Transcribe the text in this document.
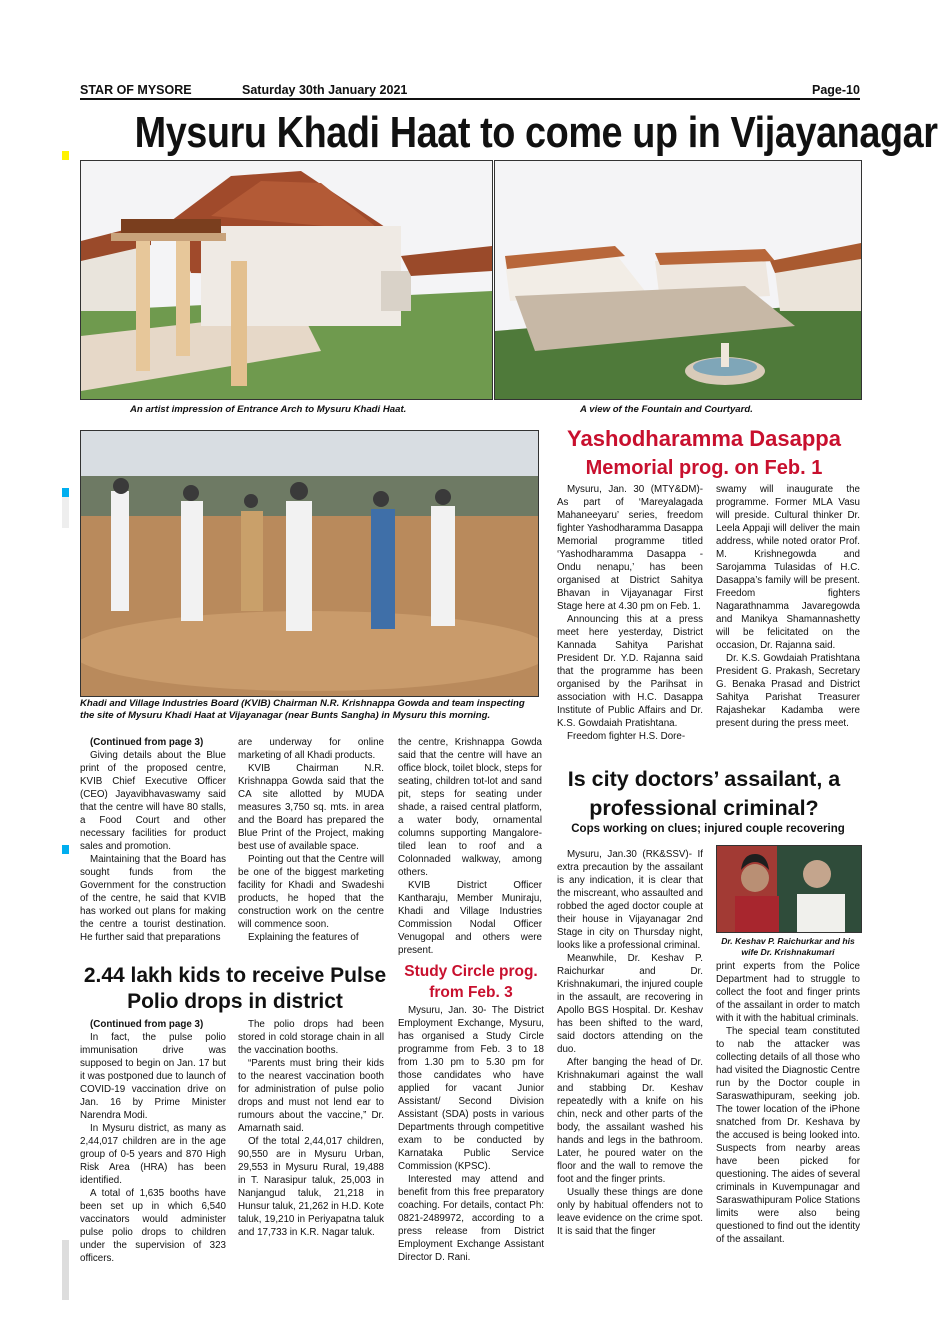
STAR OF MYSORE	Saturday 30th January 2021	Page-10
Mysuru Khadi Haat to come up in Vijayanagar
An artist impression of Entrance Arch to Mysuru Khadi Haat.	A view of the Fountain and Courtyard.
Khadi and Village Industries Board (KVIB) Chairman N.R. Krishnappa Gowda and team inspecting the site of Mysuru Khadi Haat at Vijayanagar (near Bunts Sangha) in Mysuru this morning.

(Continued from page 3)

Giving details about the Blue print of the proposed centre, KVIB Chief Executive Officer (CEO) Jayavibhavaswamy said that the centre will have 80 stalls, a Food Court and other necessary facilities for product sales and promotion.

Maintaining that the Board has sought funds from the Government for the construction of the centre, he said that KVIB has worked out plans for making the centre a tourist destination. He further said that preparations

are underway for online marketing of all Khadi products.

KVIB Chairman N.R. Krishnappa Gowda said that the CA site allotted by MUDA measures 3,750 sq. mts. in area and the Board has prepared the Blue Print of the Project, making best use of available space.

Pointing out that the Centre will be one of the biggest marketing facility for Khadi and Swadeshi products, he hoped that the construction work on the centre will commence soon.

Explaining the features of

the centre, Krishnappa Gowda said that the centre will have an office block, toilet block, steps for seating, children tot-lot and sand pit, steps for seating under shade, a raised central platform, a water body, ornamental columns supporting Mangalore-tiled lean to roof and a Colonnaded walkway, among others.

KVIB District Officer Kantharaju, Member Muniraju, Khadi and Village Industries Commission Nodal Officer Venugopal and others were present.

Yashodharamma Dasappa
Memorial prog. on Feb. 1

Mysuru, Jan. 30 (MTY&DM)- As part of ‘Mareyalagada Mahaneeyaru’ series, freedom fighter Yashodharamma Dasappa Memorial programme titled ‘Yashodharamma Dasappa - Ondu nenapu,’ has been organised at District Sahitya Bhavan in Vijayanagar First Stage here at 4.30 pm on Feb. 1.

Announcing this at a press meet here yesterday, District Kannada Sahitya Parishat President Dr. Y.D. Rajanna said that the programme has been organised by the Parihsat in association with H.C. Dasappa Institute of Public Affairs and Dr. K.S. Gowdaiah Pratishtana.

Freedom fighter H.S. Dore-

swamy will inaugurate the programme. Former MLA Vasu will preside. Cultural thinker Dr. Leela Appaji will deliver the main address, while noted orator Prof. M. Krishnegowda and Sarojamma Tulasidas of H.C. Dasappa’s family will be present. Freedom fighters Nagarathnamma Javaregowda and Manikya Shamannashetty will be felicitated on the occasion, Dr. Rajanna said.

Dr. K.S. Gowdaiah Pratishtana President G. Prakash, Secretary G. Benaka Prasad and District Sahitya Parishat Treasurer Rajashekar Kadamba were present during the press meet.

Is city doctors’ assailant, a
professional criminal?
Cops working on clues; injured couple recovering
Dr. Keshav P. Raichurkar and his wife Dr. Krishnakumari

Mysuru, Jan.30 (RK&SSV)- If extra precaution by the assailant is any indication, it is clear that the miscreant, who assaulted and robbed the aged doctor couple at their house in Vijayanagar 2nd Stage in city on Thursday night, looks like a professional criminal.

Meanwhile, Dr. Keshav P. Raichurkar and Dr. Krishnakumari, the injured couple in the assault, are recovering in Apollo BGS Hospital. Dr. Keshav has been shifted to the ward, said doctors attending on the duo.

After banging the head of Dr. Krishnakumari against the wall and stabbing Dr. Keshav repeatedly with a knife on his chin, neck and other parts of the body, the assailant washed his hands and legs in the bathroom. Later, he poured water on the floor and the wall to remove the foot and the finger prints.

Usually these things are done only by habitual offenders not to leave evidence on the crime spot. It is said that the finger

print experts from the Police Department had to struggle to collect the foot and finger prints of the assailant in order to match with it with the habitual criminals.

The special team constituted to nab the attacker was collecting details of all those who had visited the Diagnostic Centre run by the Doctor couple in Saraswathipuram, seeking job. The tower location of the iPhone snatched from Dr. Keshava by the accused is being looked into. Suspects from nearby areas have been picked for questioning. The aides of several criminals in Kuvempunagar and Saraswathipuram Police Stations limits were also being questioned to find out the identity of the assailant.

2.44 lakh kids to receive Pulse
Polio drops in district

(Continued from page 3)

In fact, the pulse polio immunisation drive was supposed to begin on Jan. 17 but it was postponed due to launch of COVID-19 vaccination drive on Jan. 16 by Prime Minister Narendra Modi.

In Mysuru district, as many as 2,44,017 children are in the age group of 0-5 years and 870 High Risk Area (HRA) has been identified.

A total of 1,635 booths have been set up in which 6,540 vaccinators would administer pulse polio drops to children under the supervision of 323 officers.

The polio drops had been stored in cold storage chain in all the vaccination booths.

“Parents must bring their kids to the nearest vaccination booth for administration of pulse polio drops and must not lend ear to rumours about the vaccine,” Dr. Amarnath said.

Of the total 2,44,017 children, 90,550 are in Mysuru Urban, 29,553 in Mysuru Rural, 19,488 in T. Narasipur taluk, 25,003 in Nanjangud taluk, 21,218 in Hunsur taluk, 21,262 in H.D. Kote taluk, 19,210 in Periyapatna taluk and 17,733 in K.R. Nagar taluk.

Study Circle prog.
from Feb. 3

Mysuru, Jan. 30- The District Employment Exchange, Mysuru, has organised a Study Circle programme from Feb. 3 to 18 from 1.30 pm to 5.30 pm for those candidates who have applied for vacant Junior Assistant/ Second Division Assistant (SDA) posts in various Departments through competitive exam to be conducted by Karnataka Public Service Commission (KPSC).

Interested may attend and benefit from this free preparatory coaching. For details, contact Ph: 0821-2489972, according to a press release from District Employment Exchange Assistant Director D. Rani.
